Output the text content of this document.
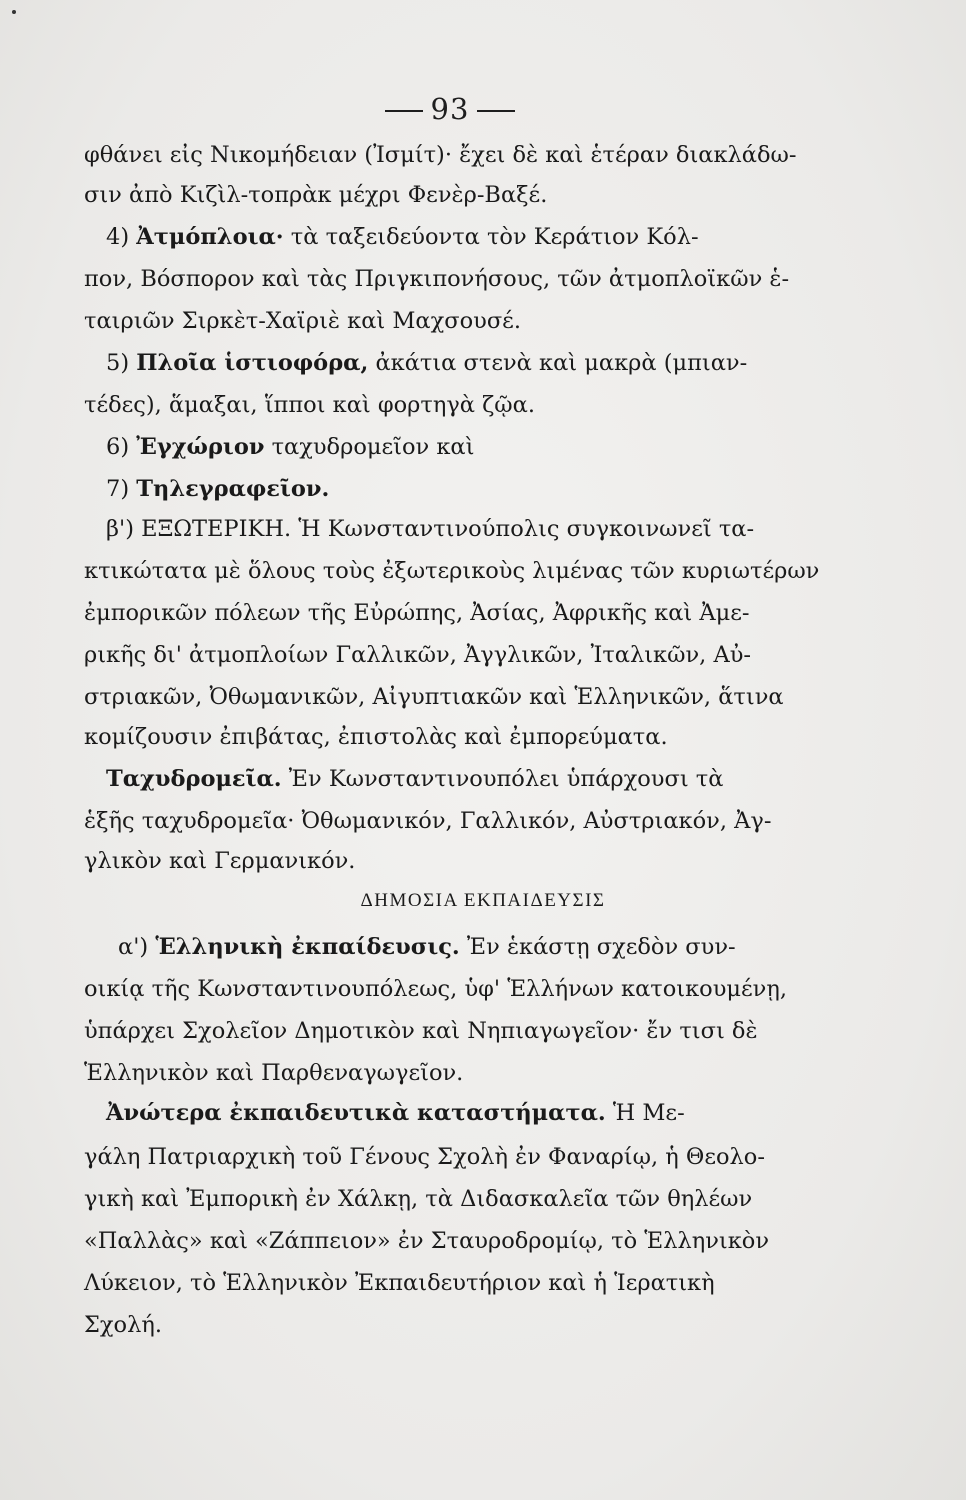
93
φθάνει εἰς Νικομήδειαν (Ἰσμίτ)· ἔχει δὲ καὶ ἑτέραν διακλάδω-
σιν ἀπὸ Κιζὶλ-τοπρὰκ μέχρι Φενὲρ-Βαξέ.
4) Ἀτμόπλοια· τὰ ταξειδεύοντα τὸν Κεράτιον Κόλ-
πον, Βόσπορον καὶ τὰς Πριγκιπονήσους, τῶν ἀτμοπλοϊκῶν ἑ-
ταιριῶν Σιρκὲτ-Χαϊριὲ καὶ Μαχσουσέ.
5) Πλοῖα ἱστιοφόρα, ἀκάτια στενὰ καὶ μακρὰ (μπιαν-
τέδες), ἅμαξαι, ἵπποι καὶ φορτηγὰ ζῷα.
6) Ἐγχώριον ταχυδρομεῖον καὶ
7) Τηλεγραφεῖον.
β') ΕΞΩΤΕΡΙΚΗ. Ἡ Κωνσταντινούπολις συγκοινωνεῖ τα-
κτικώτατα μὲ ὅλους τοὺς ἐξωτερικοὺς λιμένας τῶν κυριωτέρων
ἐμπορικῶν πόλεων τῆς Εὐρώπης, Ἀσίας, Ἀφρικῆς καὶ Ἀμε-
ρικῆς δι' ἀτμοπλοίων Γαλλικῶν, Ἀγγλικῶν, Ἰταλικῶν, Αὐ-
στριακῶν, Ὀθωμανικῶν, Αἰγυπτιακῶν καὶ Ἑλληνικῶν, ἅτινα
κομίζουσιν ἐπιβάτας, ἐπιστολὰς καὶ ἐμπορεύματα.
Ταχυδρομεῖα. Ἐν Κωνσταντινουπόλει ὑπάρχουσι τὰ
ἑξῆς ταχυδρομεῖα· Ὀθωμανικόν, Γαλλικόν, Αὐστριακόν, Ἀγ-
γλικὸν καὶ Γερμανικόν.
ΔΗΜΟΣΙΑ ΕΚΠΑΙΔΕΥΣΙΣ
α') Ἑλληνικὴ ἐκπαίδευσις. Ἐν ἑκάστῃ σχεδὸν συν-
οικίᾳ τῆς Κωνσταντινουπόλεως, ὑφ' Ἑλλήνων κατοικουμένῃ,
ὑπάρχει Σχολεῖον Δημοτικὸν καὶ Νηπιαγωγεῖον· ἔν τισι δὲ
Ἑλληνικὸν καὶ Παρθεναγωγεῖον.
Ἀνώτερα ἐκπαιδευτικὰ καταστήματα. Ἡ Με-
γάλη Πατριαρχικὴ τοῦ Γένους Σχολὴ ἐν Φαναρίῳ, ἡ Θεολο-
γικὴ καὶ Ἐμπορικὴ ἐν Χάλκῃ, τὰ Διδασκαλεῖα τῶν θηλέων
«Παλλὰς» καὶ «Ζάππειον» ἐν Σταυροδρομίῳ, τὸ Ἑλληνικὸν
Λύκειον, τὸ Ἑλληνικὸν Ἐκπαιδευτήριον καὶ ἡ Ἱερατικὴ
Σχολή.
